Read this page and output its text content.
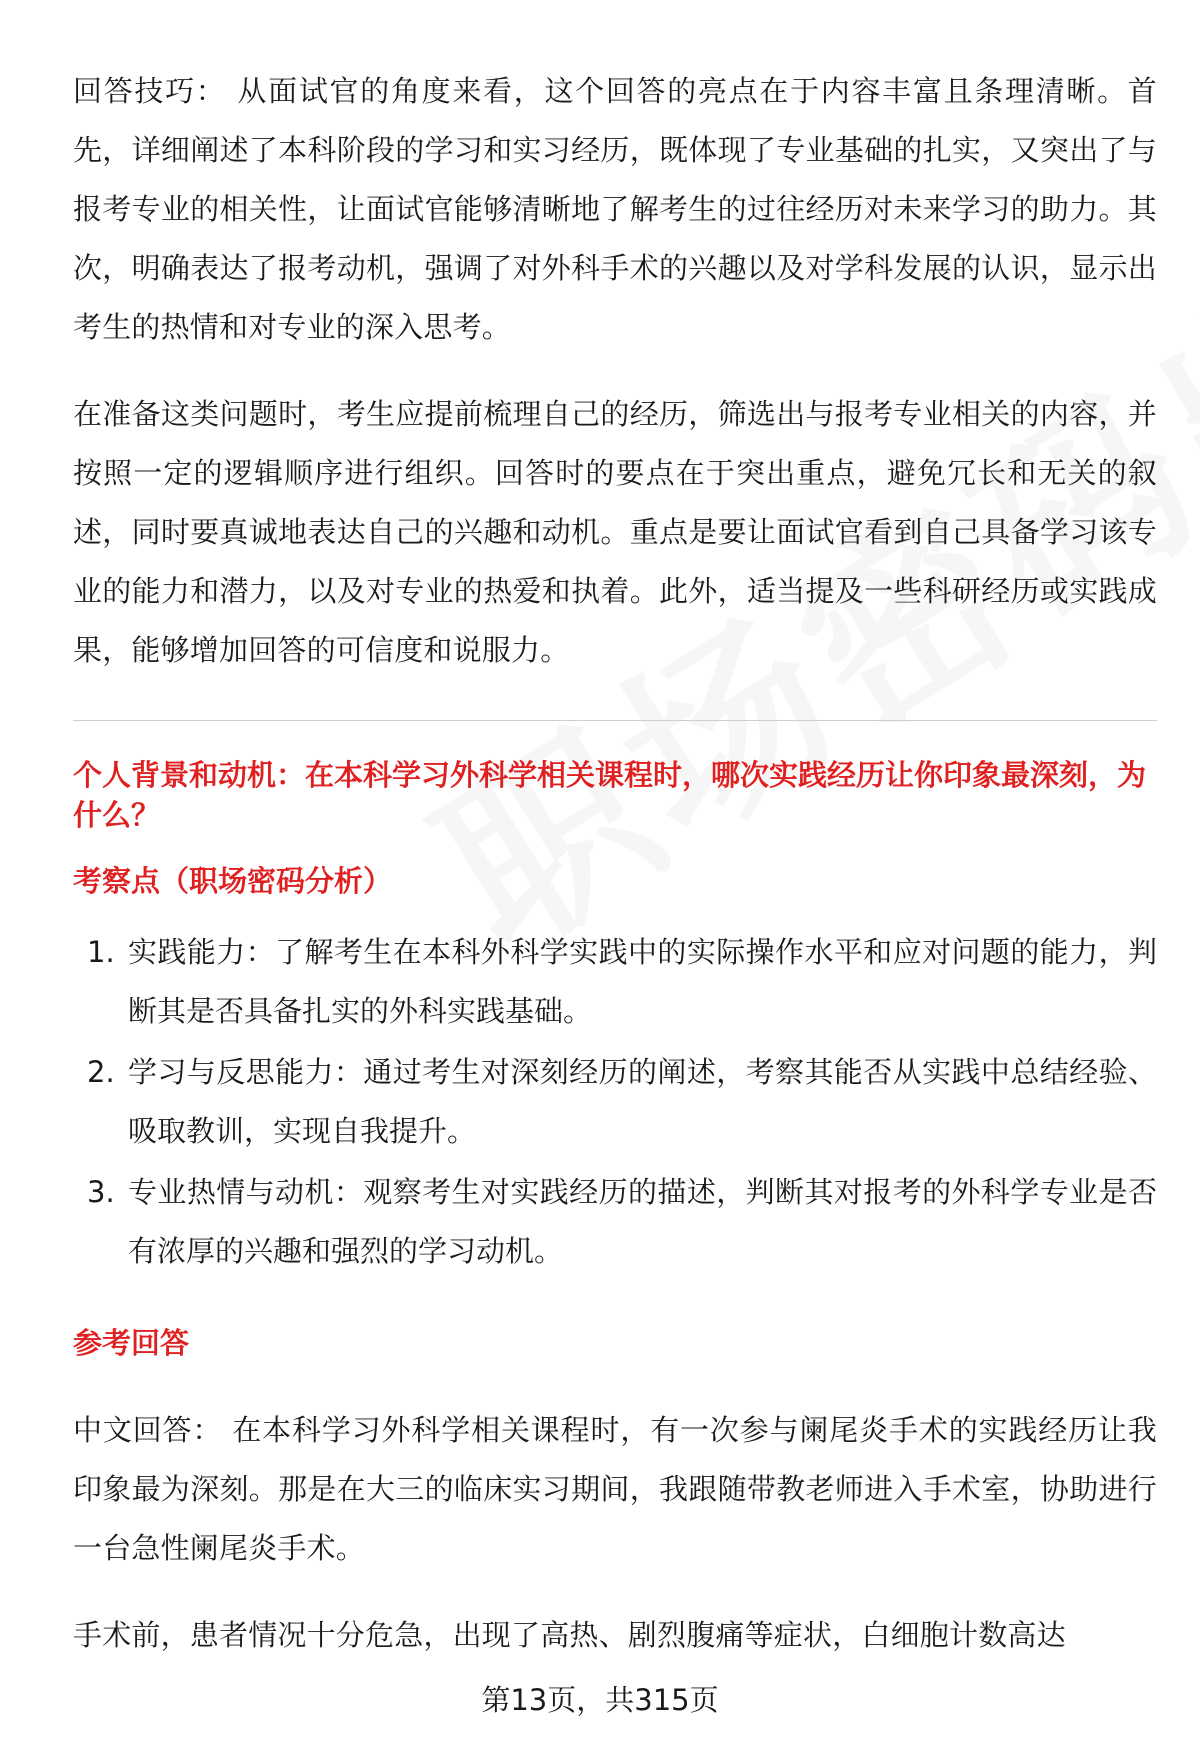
回答技巧： 从面试官的角度来看，这个回答的亮点在于内容丰富且条理清晰。首先，详细阐述了本科阶段的学习和实习经历，既体现了专业基础的扎实，又突出了与报考专业的相关性，让面试官能够清晰地了解考生的过往经历对未来学习的助力。其次，明确表达了报考动机，强调了对外科手术的兴趣以及对学科发展的认识，显示出考生的热情和对专业的深入思考。

在准备这类问题时，考生应提前梳理自己的经历，筛选出与报考专业相关的内容，并按照一定的逻辑顺序进行组织。回答时的要点在于突出重点，避免冗长和无关的叙述，同时要真诚地表达自己的兴趣和动机。重点是要让面试官看到自己具备学习该专业的能力和潜力，以及对专业的热爱和执着。此外，适当提及一些科研经历或实践成果，能够增加回答的可信度和说服力。

个人背景和动机：在本科学习外科学相关课程时，哪次实践经历让你印象最深刻，为什么？

考察点（职场密码分析）

1. 实践能力：了解考生在本科外科学实践中的实际操作水平和应对问题的能力，判断其是否具备扎实的外科实践基础。
2. 学习与反思能力：通过考生对深刻经历的阐述，考察其能否从实践中总结经验、吸取教训，实现自我提升。
3. 专业热情与动机：观察考生对实践经历的描述，判断其对报考的外科学专业是否有浓厚的兴趣和强烈的学习动机。

参考回答

中文回答： 在本科学习外科学相关课程时，有一次参与阑尾炎手术的实践经历让我印象最为深刻。那是在大三的临床实习期间，我跟随带教老师进入手术室，协助进行一台急性阑尾炎手术。

手术前，患者情况十分危急，出现了高热、剧烈腹痛等症状，白细胞计数高达

第13页，共315页
